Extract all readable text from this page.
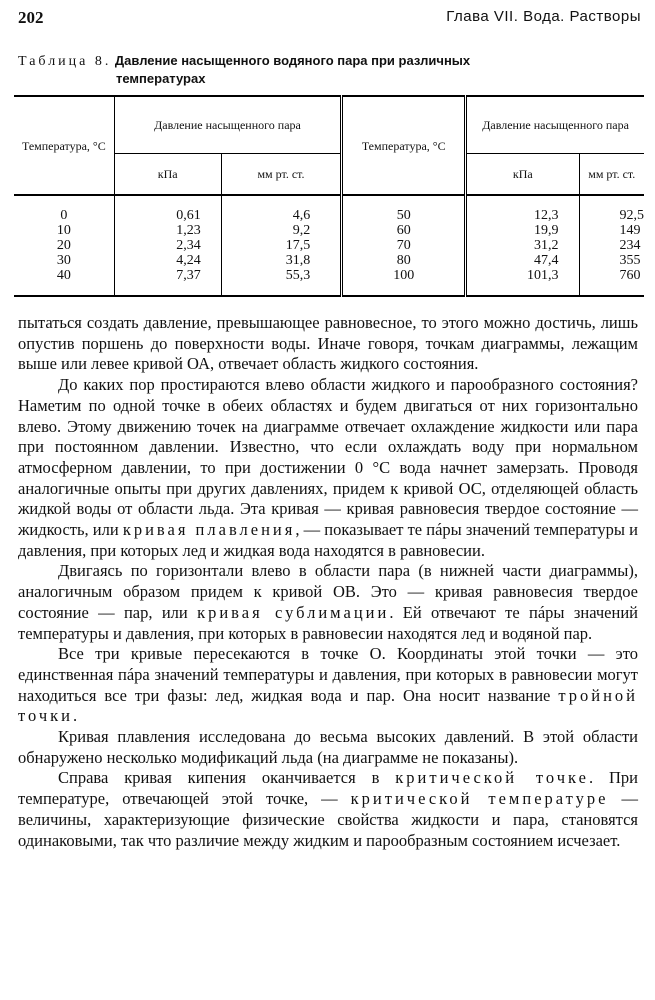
202	Глава VII. Вода. Растворы
Таблица 8. Давление насыщенного водяного пара при различных
температурах
Температура, °C	Давление насыщенного пара		Температура, °C	Давление насыщенного пара	
	кПа	мм рт. ст.		кПа	мм рт. ст.

0	0,61	4,6	50	12,3	92,5
10	1,23	9,2	60	19,9	149
20	2,34	17,5	70	31,2	234
30	4,24	31,8	80	47,4	355
40	7,37	55,3	100	101,3	760

пытаться создать давление, превышающее равновесное, то этого можно достичь, лишь опустив поршень до поверхности воды. Иначе говоря, точкам диаграммы, лежащим выше или левее кривой ОА, отвечает область жидкого состояния.

До каких пор простираются влево области жидкого и парообразного состояния? Наметим по одной точке в обеих областях и будем двигаться от них горизонтально влево. Этому движению точек на диаграмме отвечает охлаждение жидкости или пара при постоянном давлении. Известно, что если охлаждать воду при нормальном атмосферном давлении, то при достижении 0 °С вода начнет замерзать. Проводя аналогичные опыты при других давлениях, придем к кривой ОС, отделяющей область жидкой воды от области льда. Эта кривая — кривая равновесия твердое состояние — жидкость, или кривая плавления, — показывает те пáры значений температуры и давления, при которых лед и жидкая вода находятся в равновесии.

Двигаясь по горизонтали влево в области пара (в нижней части диаграммы), аналогичным образом придем к кривой ОВ. Это — кривая равновесия твердое состояние — пар, или кривая сублимации. Ей отвечают те пáры значений температуры и давления, при которых в равновесии находятся лед и водяной пар.

Все три кривые пересекаются в точке О. Координаты этой точки — это единственная пáра значений температуры и давления, при которых в равновесии могут находиться все три фазы: лед, жидкая вода и пар. Она носит название тройной точки.

Кривая плавления исследована до весьма высоких давлений. В этой области обнаружено несколько модификаций льда (на диаграмме не показаны).

Справа кривая кипения оканчивается в критической точке. При температуре, отвечающей этой точке, — критической температуре — величины, характеризующие физические свойства жидкости и пара, становятся одинаковыми, так что различие между жидким и парообразным состоянием исчезает.
